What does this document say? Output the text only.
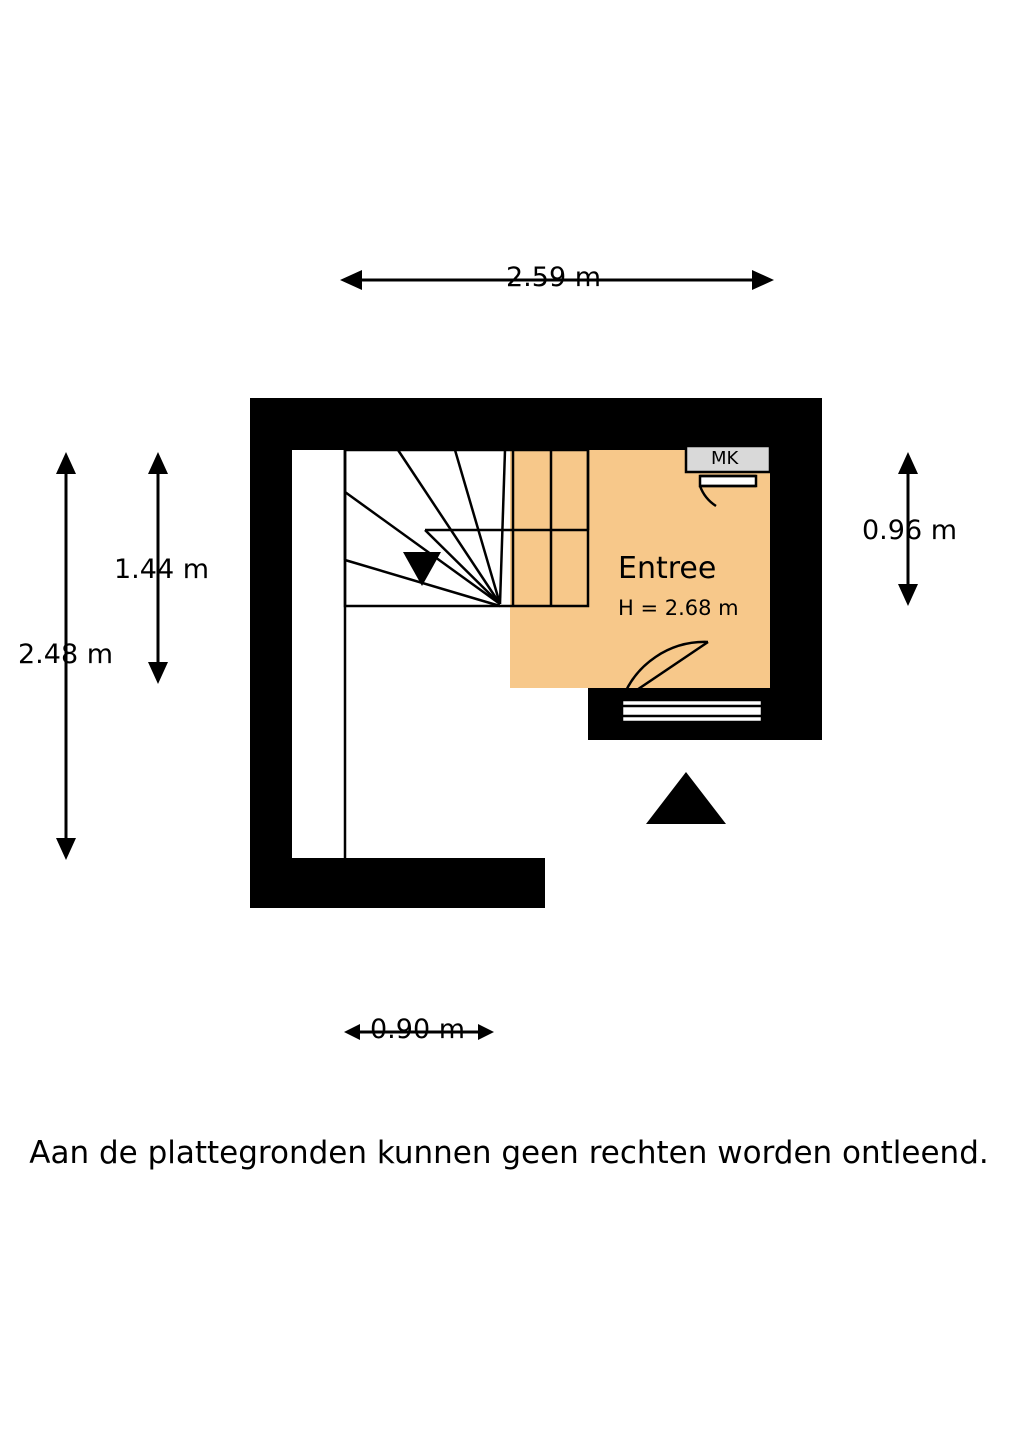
2.59 m
2.48 m
1.44 m
0.96 m
0.90 m
Entree
H = 2.68 m
MK
Aan de plattegronden kunnen geen rechten worden ontleend.
